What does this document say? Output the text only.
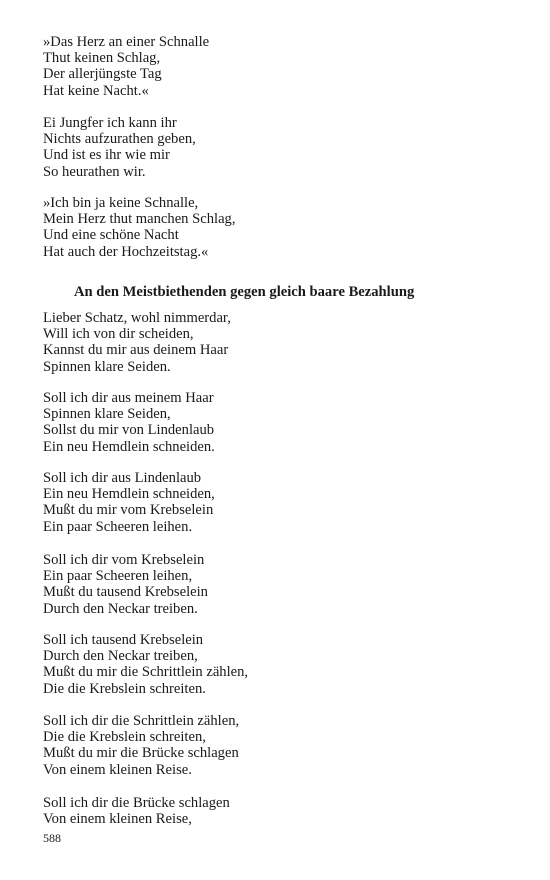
»Das Herz an einer Schnalle
Thut keinen Schlag,
Der allerjüngste Tag
Hat keine Nacht.«
Ei Jungfer ich kann ihr
Nichts aufzurathen geben,
Und ist es ihr wie mir
So heurathen wir.
»Ich bin ja keine Schnalle,
Mein Herz thut manchen Schlag,
Und eine schöne Nacht
Hat auch der Hochzeitstag.«
An den Meistbiethenden gegen gleich baare Bezahlung
Lieber Schatz, wohl nimmerdar,
Will ich von dir scheiden,
Kannst du mir aus deinem Haar
Spinnen klare Seiden.
Soll ich dir aus meinem Haar
Spinnen klare Seiden,
Sollst du mir von Lindenlaub
Ein neu Hemdlein schneiden.
Soll ich dir aus Lindenlaub
Ein neu Hemdlein schneiden,
Mußt du mir vom Krebselein
Ein paar Scheeren leihen.
Soll ich dir vom Krebselein
Ein paar Scheeren leihen,
Mußt du tausend Krebselein
Durch den Neckar treiben.
Soll ich tausend Krebselein
Durch den Neckar treiben,
Mußt du mir die Schrittlein zählen,
Die die Krebslein schreiten.
Soll ich dir die Schrittlein zählen,
Die die Krebslein schreiten,
Mußt du mir die Brücke schlagen
Von einem kleinen Reise.
Soll ich dir die Brücke schlagen
Von einem kleinen Reise,
588
